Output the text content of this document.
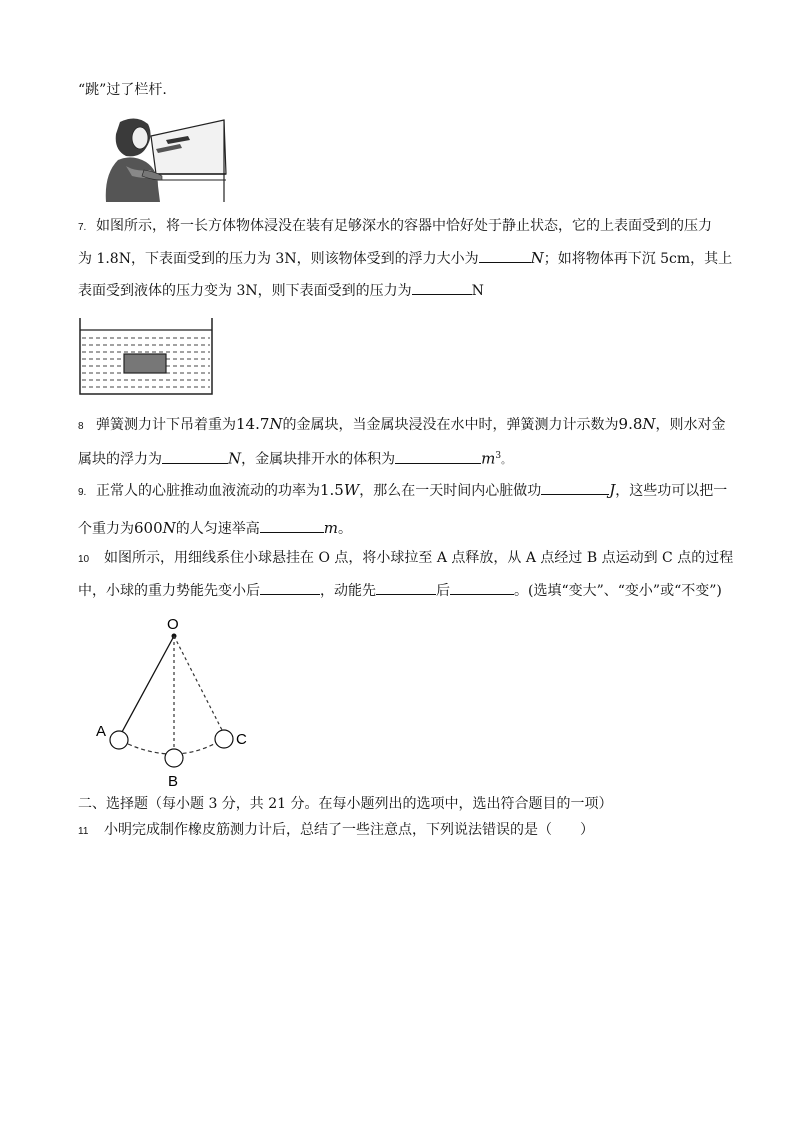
“跳”过了栏杆.
7. 如图所示，将一长方体物体浸没在装有足够深水的容器中恰好处于静止状态，它的上表面受到的压力
为 1.8N，下表面受到的压力为 3N，则该物体受到的浮力大小为	N；如将物体再下沉 5cm，其上
表面受到液体的压力变为 3N，则下表面受到的压力为	N
8 弹簧测力计下吊着重为14.7N的金属块，当金属块浸没在水中时，弹簧测力计示数为9.8N，则水对金
属块的浮力为	N，金属块排开水的体积为	$m^3$。
9. 正常人的心脏推动血液流动的功率为1.5W，那么在一天时间内心脏做功	J，这些功可以把一
个重力为600N的人匀速举高	m。
10 如图所示，用细线系住小球悬挂在 O 点，将小球拉至 A 点释放，从 A 点经过 B 点运动到 C 点的过程
中，小球的重力势能先变小后	，动能先	后	。(选填“变大”、“变小”或“不变”)
O
A
B
C
二、选择题（每小题 3 分，共 21 分。在每小题列出的选项中，选出符合题目的一项）
11 小明完成制作橡皮筋测力计后，总结了一些注意点，下列说法错误的是（　　）
